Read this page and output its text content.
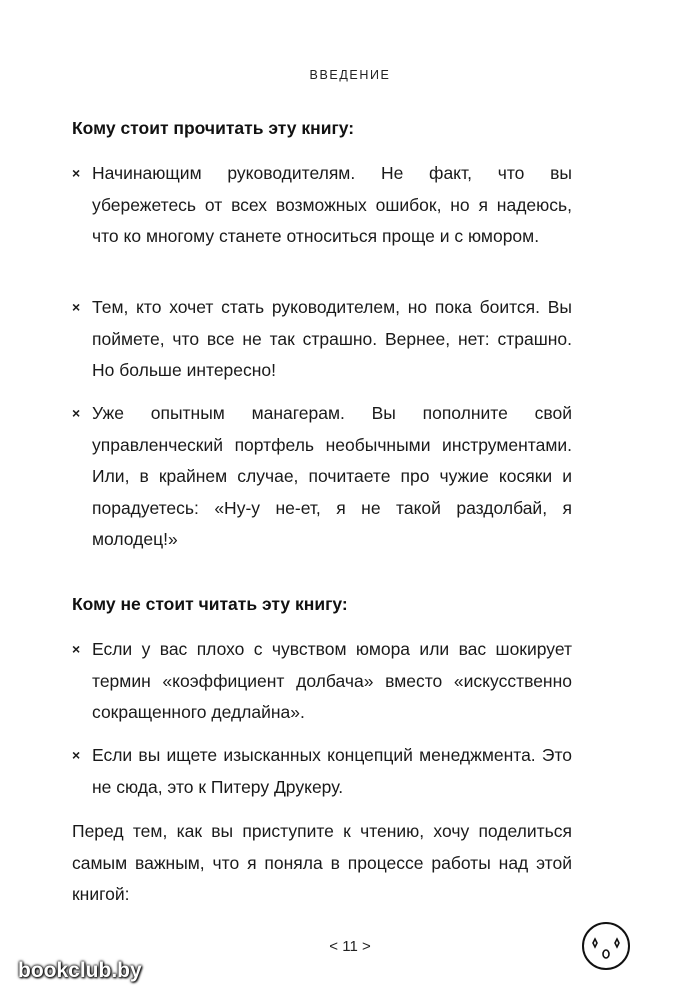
ВВЕДЕНИЕ
Кому стоит прочитать эту книгу:
× Начинающим руководителям. Не факт, что вы убережетесь от всех возможных ошибок, но я надеюсь, что ко многому станете относиться проще и с юмором.
× Тем, кто хочет стать руководителем, но пока боится. Вы поймете, что все не так страшно. Вернее, нет: страшно. Но больше интересно!
× Уже опытным манагерам. Вы пополните свой управленческий портфель необычными инструментами. Или, в крайнем случае, почитаете про чужие косяки и порадуетесь: «Ну-у не-ет, я не такой раздолбай, я молодец!»
Кому не стоит читать эту книгу:
× Если у вас плохо с чувством юмора или вас шокирует термин «коэффициент долбача» вместо «искусственно сокращенного дедлайна».
× Если вы ищете изысканных концепций менеджмента. Это не сюда, это к Питеру Друкеру.
Перед тем, как вы приступите к чтению, хочу поделиться самым важным, что я поняла в процессе работы над этой книгой:
< 11 >
bookclub.by
